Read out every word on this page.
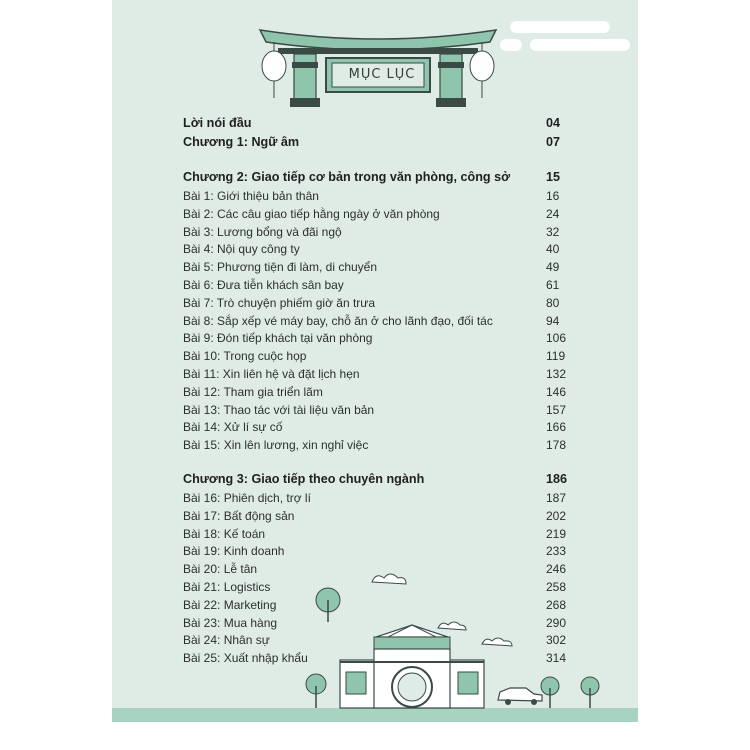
MỤC LỤC
Lời nói đầu	04
Chương 1: Ngữ âm	07
Chương 2: Giao tiếp cơ bản trong văn phòng, công sở	15
Bài 1: Giới thiệu bản thân	16
Bài 2: Các câu giao tiếp hằng ngày ở văn phòng	24
Bài 3: Lương bổng và đãi ngộ	32
Bài 4: Nội quy công ty	40
Bài 5: Phương tiện đi làm, di chuyển	49
Bài 6: Đưa tiễn khách sân bay	61
Bài 7: Trò chuyện phiếm giờ ăn trưa	80
Bài 8: Sắp xếp vé máy bay, chỗ ăn ở cho lãnh đạo, đối tác	94
Bài 9: Đón tiếp khách tại văn phòng	106
Bài 10: Trong cuộc họp	119
Bài 11: Xin liên hệ và đặt lịch hẹn	132
Bài 12: Tham gia triển lãm	146
Bài 13: Thao tác với tài liệu văn bản	157
Bài 14: Xử lí sự cố	166
Bài 15: Xin lên lương, xin nghỉ việc	178
Chương 3: Giao tiếp theo chuyên ngành	186
Bài 16: Phiên dịch, trợ lí	187
Bài 17: Bất động sản	202
Bài 18: Kế toán	219
Bài 19: Kinh doanh	233
Bài 20: Lễ tân	246
Bài 21: Logistics	258
Bài 22: Marketing	268
Bài 23: Mua hàng	290
Bài 24: Nhân sự	302
Bài 25: Xuất nhập khẩu	314
